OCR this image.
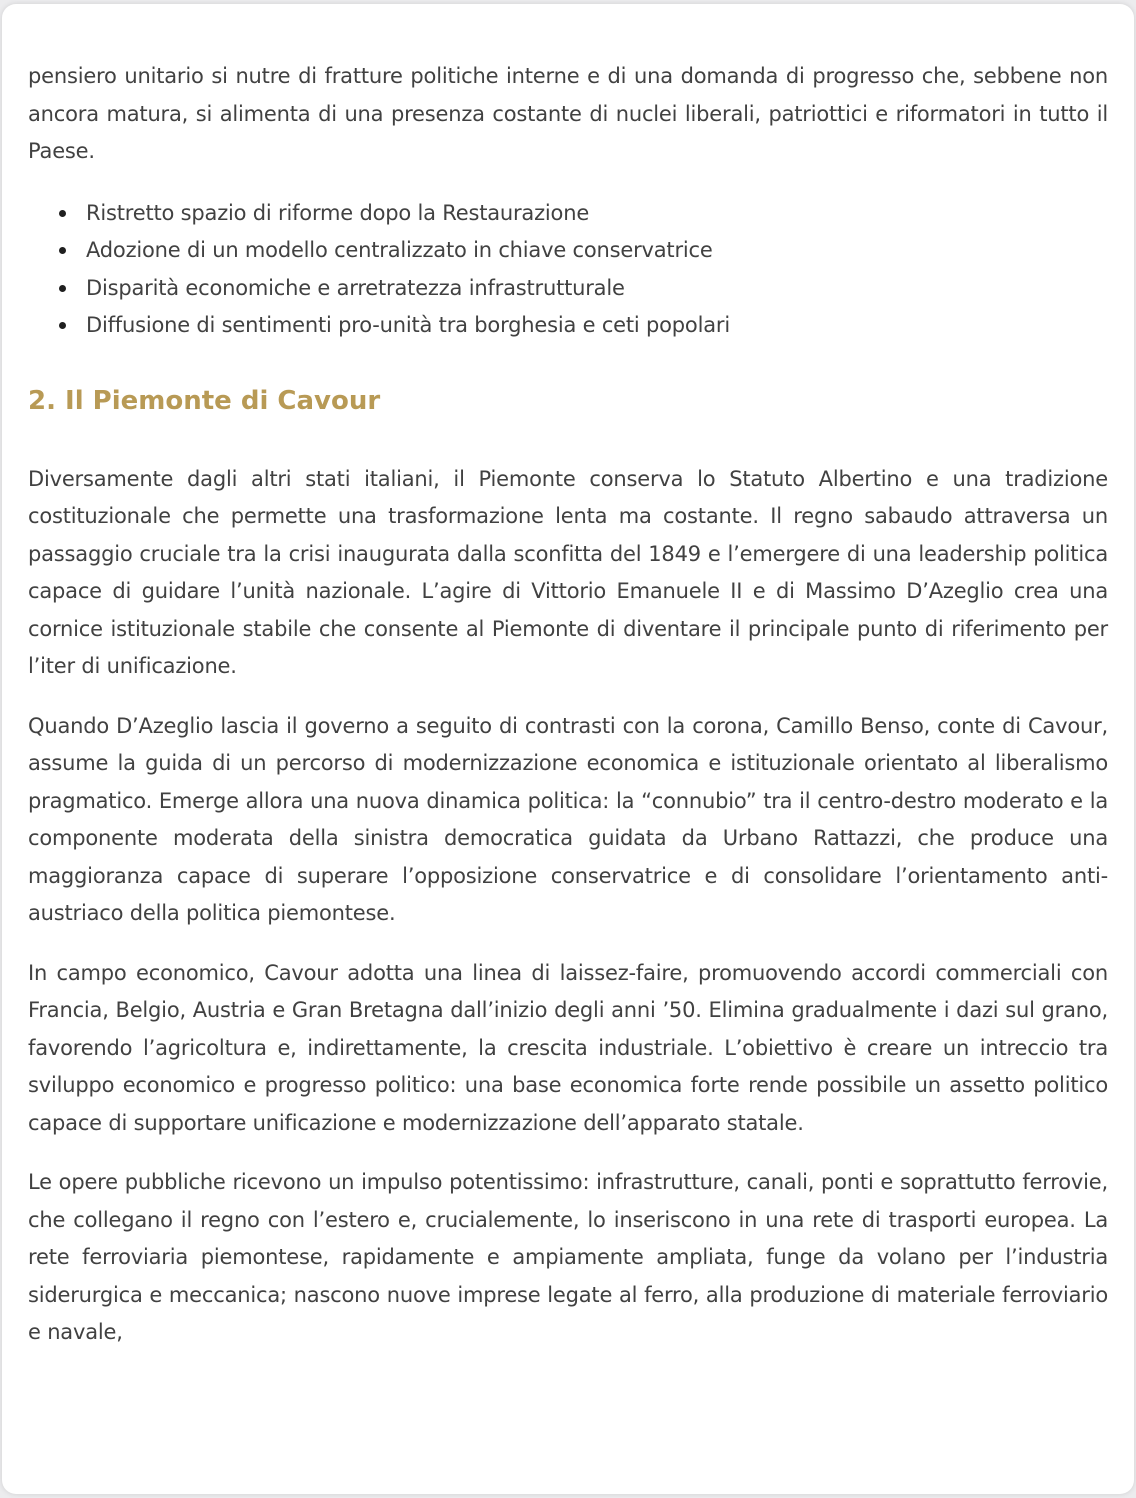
pensiero unitario si nutre di fratture politiche interne e di una domanda di progresso che, sebbene non ancora matura, si alimenta di una presenza costante di nuclei liberali, patriottici e riformatori in tutto il Paese.

Ristretto spazio di riforme dopo la Restaurazione
Adozione di un modello centralizzato in chiave conservatrice
Disparità economiche e arretratezza infrastrutturale
Diffusione di sentimenti pro-unità tra borghesia e ceti popolari
2. Il Piemonte di Cavour

Diversamente dagli altri stati italiani, il Piemonte conserva lo Statuto Albertino e una tradizione costituzionale che permette una trasformazione lenta ma costante. Il regno sabaudo attraversa un passaggio cruciale tra la crisi inaugurata dalla sconfitta del 1849 e l’emergere di una leadership politica capace di guidare l’unità nazionale. L’agire di Vittorio Emanuele II e di Massimo D’Azeglio crea una cornice istituzionale stabile che consente al Piemonte di diventare il principale punto di riferimento per l’iter di unificazione.

Quando D’Azeglio lascia il governo a seguito di contrasti con la corona, Camillo Benso, conte di Cavour, assume la guida di un percorso di modernizzazione economica e istituzionale orientato al liberalismo pragmatico. Emerge allora una nuova dinamica politica: la “connubio” tra il centro-destro moderato e la componente moderata della sinistra democratica guidata da Urbano Rattazzi, che produce una maggioranza capace di superare l’opposizione conservatrice e di consolidare l’orientamento anti-austriaco della politica piemontese.

In campo economico, Cavour adotta una linea di laissez-faire, promuovendo accordi commerciali con Francia, Belgio, Austria e Gran Bretagna dall’inizio degli anni ’50. Elimina gradualmente i dazi sul grano, favorendo l’agricoltura e, indirettamente, la crescita industriale. L’obiettivo è creare un intreccio tra sviluppo economico e progresso politico: una base economica forte rende possibile un assetto politico capace di supportare unificazione e modernizzazione dell’apparato statale.

Le opere pubbliche ricevono un impulso potentissimo: infrastrutture, canali, ponti e soprattutto ferrovie, che collegano il regno con l’estero e, crucialemente, lo inseriscono in una rete di trasporti europea. La rete ferroviaria piemontese, rapidamente e ampiamente ampliata, funge da volano per l’industria siderurgica e meccanica; nascono nuove imprese legate al ferro, alla produzione di materiale ferroviario e navale,
